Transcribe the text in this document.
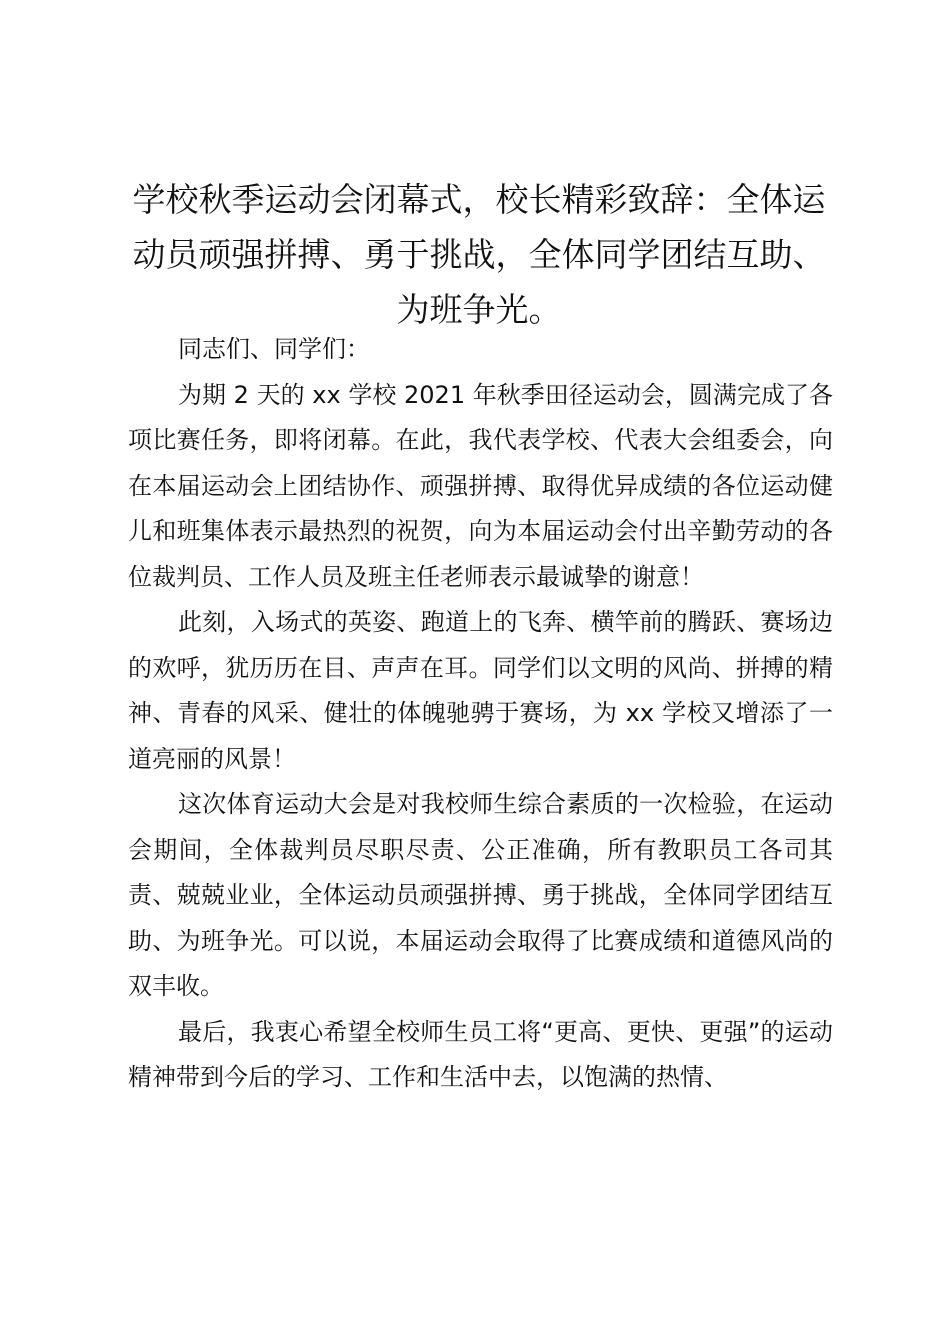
学校秋季运动会闭幕式，校长精彩致辞：全体运动员顽强拼搏、勇于挑战，全体同学团结互助、为班争光。

同志们、同学们：

为期 2 天的 xx 学校 2021 年秋季田径运动会，圆满完成了各项比赛任务，即将闭幕。在此，我代表学校、代表大会组委会，向在本届运动会上团结协作、顽强拼搏、取得优异成绩的各位运动健儿和班集体表示最热烈的祝贺，向为本届运动会付出辛勤劳动的各位裁判员、工作人员及班主任老师表示最诚挚的谢意！

此刻，入场式的英姿、跑道上的飞奔、横竿前的腾跃、赛场边的欢呼，犹历历在目、声声在耳。同学们以文明的风尚、拼搏的精神、青春的风采、健壮的体魄驰骋于赛场，为 xx 学校又增添了一道亮丽的风景！

这次体育运动大会是对我校师生综合素质的一次检验，在运动会期间，全体裁判员尽职尽责、公正准确，所有教职员工各司其责、兢兢业业，全体运动员顽强拼搏、勇于挑战，全体同学团结互助、为班争光。可以说，本届运动会取得了比赛成绩和道德风尚的双丰收。

最后，我衷心希望全校师生员工将“更高、更快、更强”的运动精神带到今后的学习、工作和生活中去，以饱满的热情、
